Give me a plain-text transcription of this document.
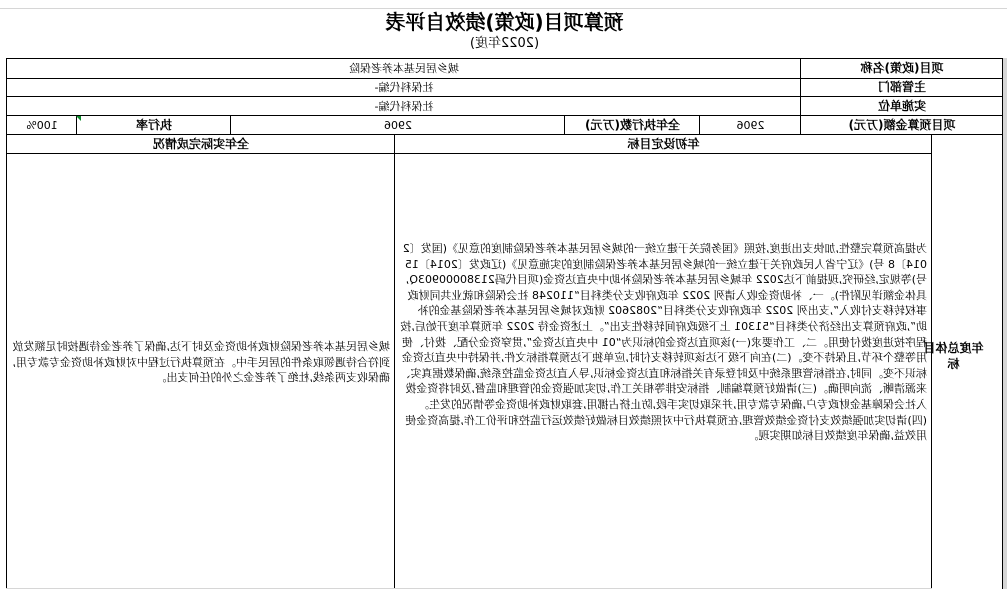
预算项目(政策)绩效自评表
(2022年度)
项目(政策)名称
城乡居民基本养老保险
主管部门
社保科代编-
实施单位
社保科代编-
项目预算金额(万元)
2906
全年执行数(万元)
2906
执行率
100%
年度总体目标
年初设定目标
全年实际完成情况
为提高预算完整性,加快支出进度,按照《国务院关于建立统一的城乡居民基本养老保险制度的意见》(国发〔2014〕8 号)《辽宁省人民政府关于建立统一的城乡居民基本养老保险制度的实施意见》(辽政发〔2014〕15 号)等规定,经研究,现提前下达2022 年城乡居民基本养老保险补助中央直达资金(项目代码21380000903Q,具体金额详见附件)。一、补助资金收入请列 2022 年政府收支分类科目“110248 社会保险和就业共同财政事权转移支付收入”,支出列 2022 年政府收支分类科目“2082602 财政对城乡居民基本养老保险基金的补助”,政府预算支出经济分类科目“51301 上下级政府间转移性支出”。上述资金待 2022 年预算年度开始后,按程序按进度拨付使用。二、工作要求(一)该项直达资金的标识为“01 中央直达资金”,贯穿资金分配、拨付、使用等整个环节,且保持不变。(二)在向下级下达该项转移支付时,应单独下达预算指标文件,并保持中央直达资金标识不变。同时,在指标管理系统中及时登录有关指标和直达资金标识,导入直达资金监控系统,确保数据真实、来源清晰、流向明确。(三)请做好预算编制、指标安排等相关工作,切实加强资金的管理和监督,及时将资金拨入社会保障基金财政专户,确保专款专用,并采取切实手段,防止挤占挪用,套取财政补助资金等情况的发生。(四)请切实加强绩效支付资金绩效管理,在预算执行中对照绩效目标做好绩效运行监控和评价工作,提高资金使用效益,确保年度绩效目标如期实现。
城乡居民基本养老保险财政补助资金及时下达,确保了养老金待遇按时足额发放到符合待遇领取条件的居民手中。在预算执行过程中对财政补助资金专款专用,确保收支两条线,杜绝了养老金之外的任何支出。
